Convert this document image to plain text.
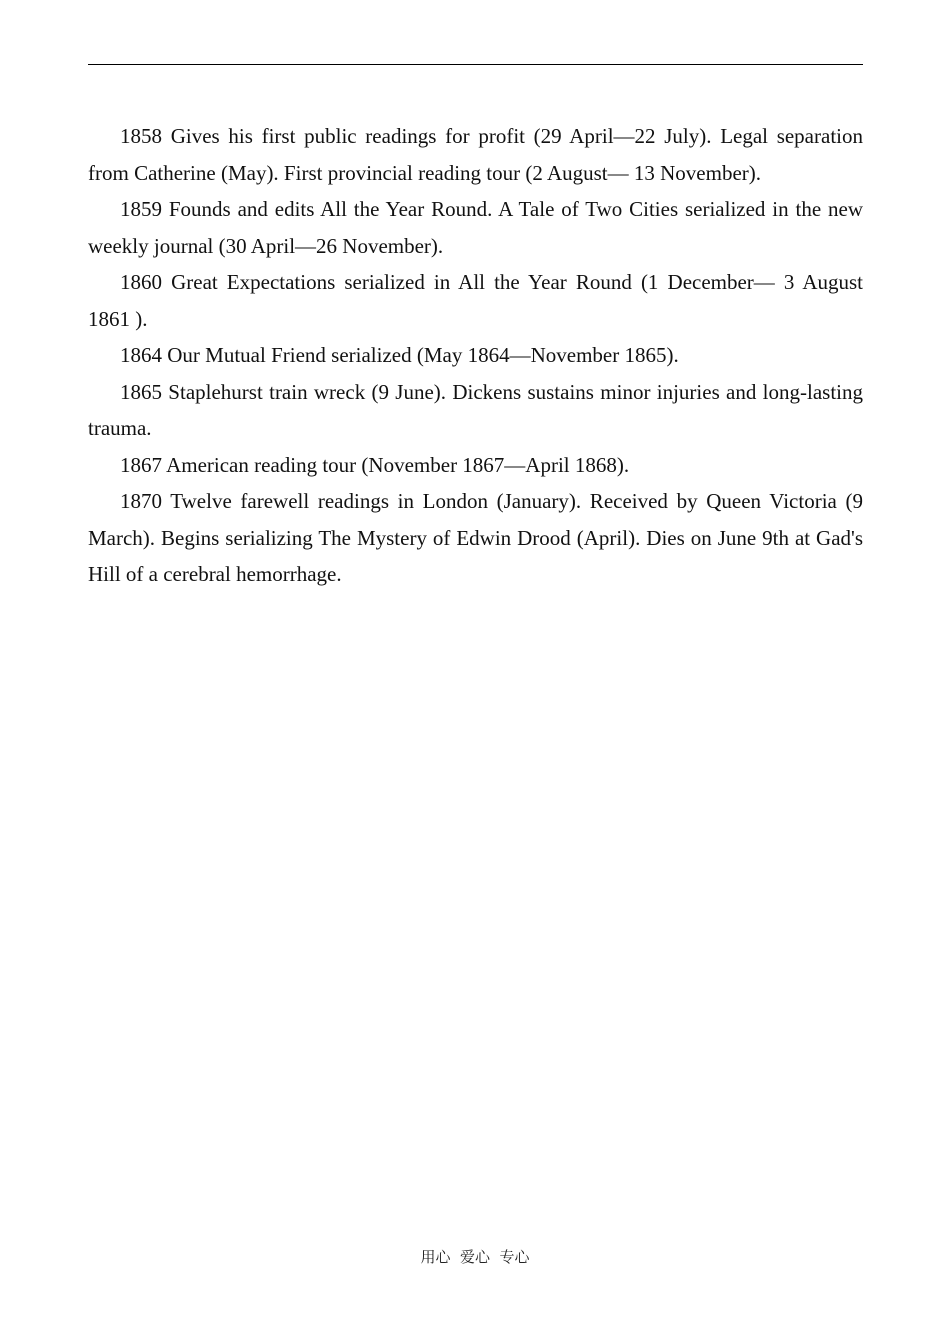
1858 Gives his first public readings for profit (29 April—22 July). Legal separation from Catherine (May). First provincial reading tour (2 August— 13 November).

1859 Founds and edits All the Year Round. A Tale of Two Cities serialized in the new weekly journal (30 April—26 November).

1860 Great Expectations serialized in All the Year Round (1 December— 3 August 1861 ).

1864 Our Mutual Friend serialized (May 1864—November 1865).

1865 Staplehurst train wreck (9 June). Dickens sustains minor injuries and long-lasting trauma.

1867 American reading tour (November 1867—April 1868).

1870 Twelve farewell readings in London (January). Received by Queen Victoria (9 March). Begins serializing The Mystery of Edwin Drood (April). Dies on June 9th at Gad's Hill of a cerebral hemorrhage.

用心  爱心  专心
